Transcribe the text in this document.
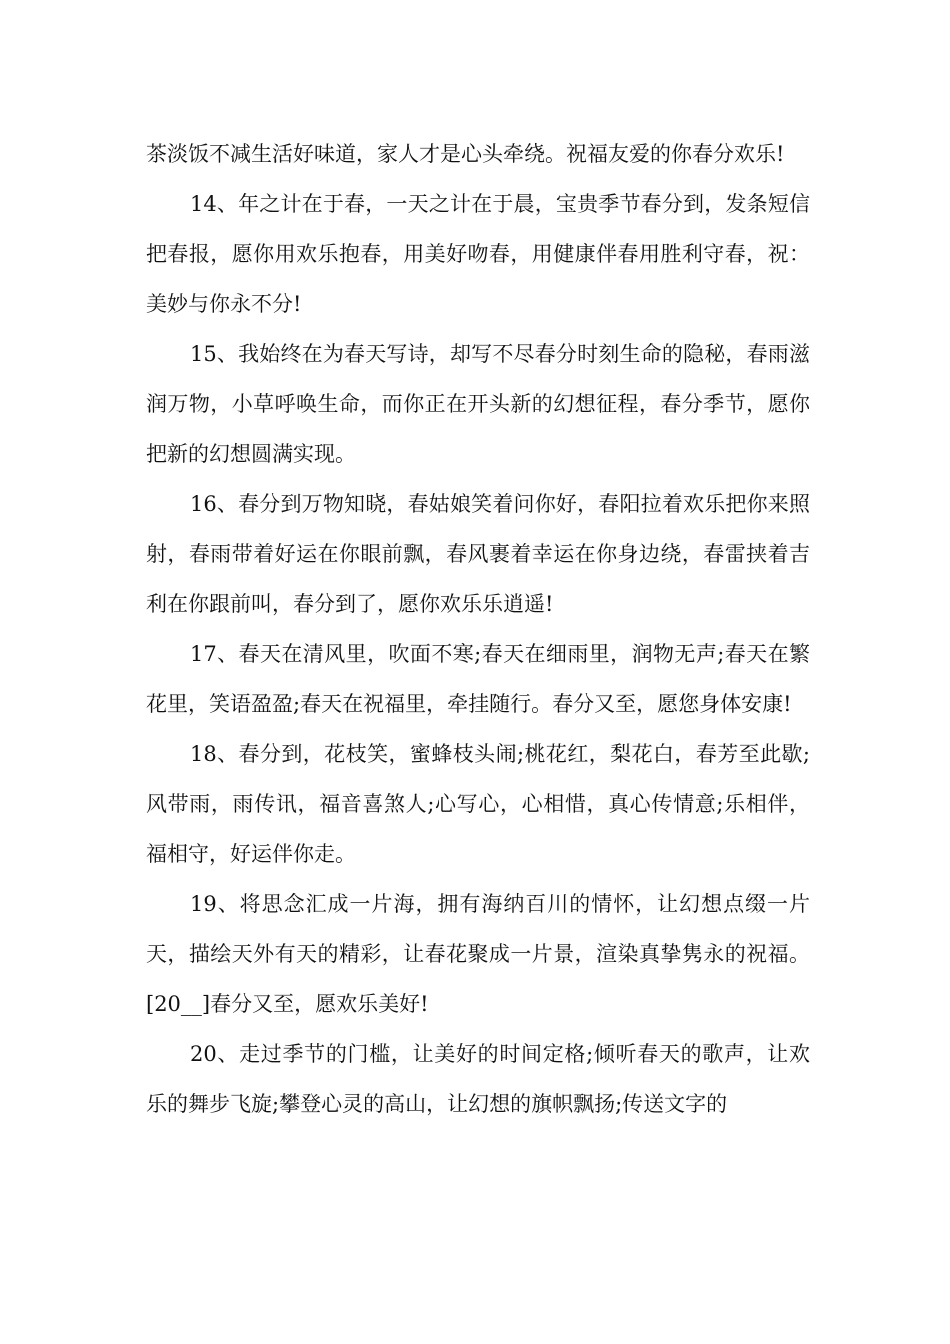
茶淡饭不减生活好味道，家人才是心头牵绕。祝福友爱的你春分欢乐!

14、年之计在于春，一天之计在于晨，宝贵季节春分到，发条短信把春报，愿你用欢乐抱春，用美好吻春，用健康伴春用胜利守春，祝：美妙与你永不分!

15、我始终在为春天写诗，却写不尽春分时刻生命的隐秘，春雨滋润万物，小草呼唤生命，而你正在开头新的幻想征程，春分季节，愿你把新的幻想圆满实现。

16、春分到万物知晓，春姑娘笑着问你好，春阳拉着欢乐把你来照射，春雨带着好运在你眼前飘，春风裹着幸运在你身边绕，春雷挟着吉利在你跟前叫，春分到了，愿你欢乐乐逍遥!

17、春天在清风里，吹面不寒;春天在细雨里，润物无声;春天在繁花里，笑语盈盈;春天在祝福里，牵挂随行。春分又至，愿您身体安康!

18、春分到，花枝笑，蜜蜂枝头闹;桃花红，梨花白，春芳至此歇;风带雨，雨传讯，福音喜煞人;心写心，心相惜，真心传情意;乐相伴，福相守，好运伴你走。

19、将思念汇成一片海，拥有海纳百川的情怀，让幻想点缀一片天，描绘天外有天的精彩，让春花聚成一片景，渲染真挚隽永的祝福。[20__]春分又至，愿欢乐美好!

20、走过季节的门槛，让美好的时间定格;倾听春天的歌声，让欢乐的舞步飞旋;攀登心灵的高山，让幻想的旗帜飘扬;传送文字的
